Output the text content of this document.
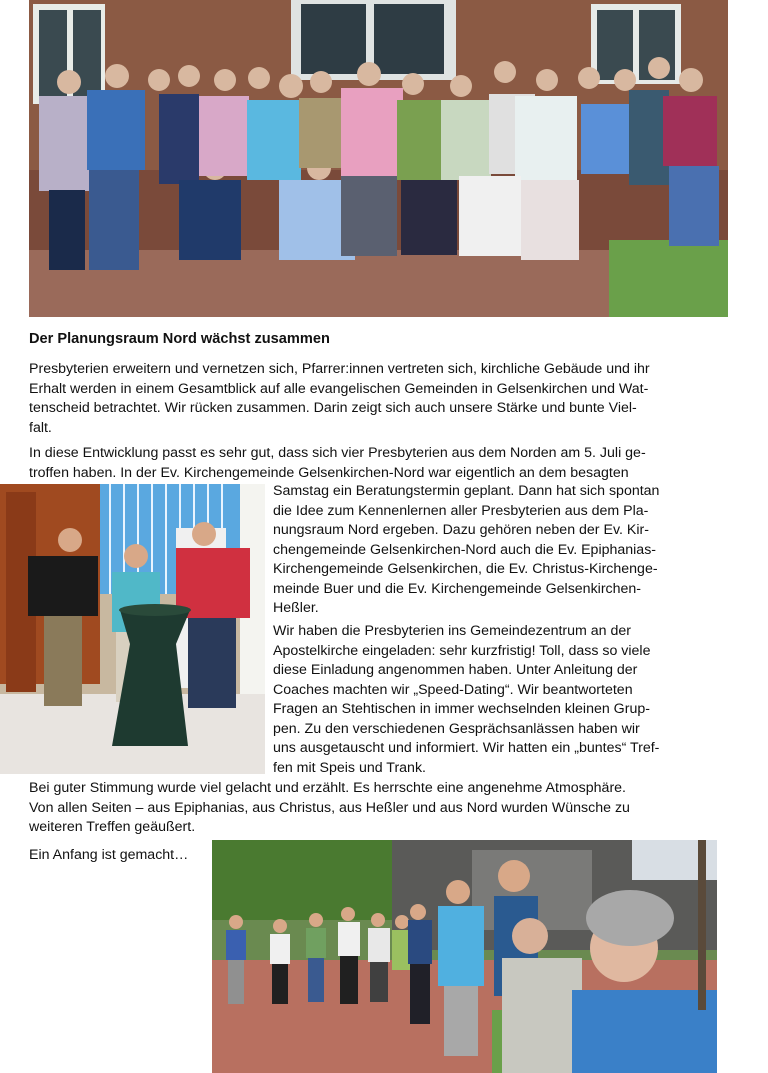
Der Planungsraum Nord wächst zusammen

Presbyterien erweitern und vernetzen sich, Pfarrer:innen vertreten sich, kirchliche Gebäude und ihr
Erhalt werden in einem Gesamtblick auf alle evangelischen Gemeinden in Gelsenkirchen und Wat-
tenscheid betrachtet. Wir rücken zusammen. Darin zeigt sich auch unsere Stärke und bunte Viel-
falt.

In diese Entwicklung passt es sehr gut, dass sich vier Presbyterien aus dem Norden am 5. Juli ge-
troffen haben. In der Ev. Kirchengemeinde Gelsenkirchen-Nord war eigentlich an dem besagten

Samstag ein Beratungstermin geplant. Dann hat sich spontan
die Idee zum Kennenlernen aller Presbyterien aus dem Pla-
nungsraum Nord ergeben. Dazu gehören neben der Ev. Kir-
chengemeinde Gelsenkirchen-Nord auch die Ev. Epiphanias-
Kirchengemeinde Gelsenkirchen, die Ev. Christus-Kirchenge-
meinde Buer und die Ev. Kirchengemeinde Gelsenkirchen-
Heßler.

Wir haben die Presbyterien ins Gemeindezentrum an der
Apostelkirche eingeladen: sehr kurzfristig! Toll, dass so viele
diese Einladung angenommen haben. Unter Anleitung der
Coaches machten wir „Speed-Dating“. Wir beantworteten
Fragen an Stehtischen in immer wechselnden kleinen Grup-
pen. Zu den verschiedenen Gesprächsanlässen haben wir
uns ausgetauscht und informiert. Wir hatten ein „buntes“ Tref-
fen mit Speis und Trank.

Bei guter Stimmung wurde viel gelacht und erzählt. Es herrschte eine angenehme Atmosphäre.
Von allen Seiten – aus Epiphanias, aus Christus, aus Heßler und aus Nord wurden Wünsche zu
weiteren Treffen geäußert.

Ein Anfang ist gemacht…
